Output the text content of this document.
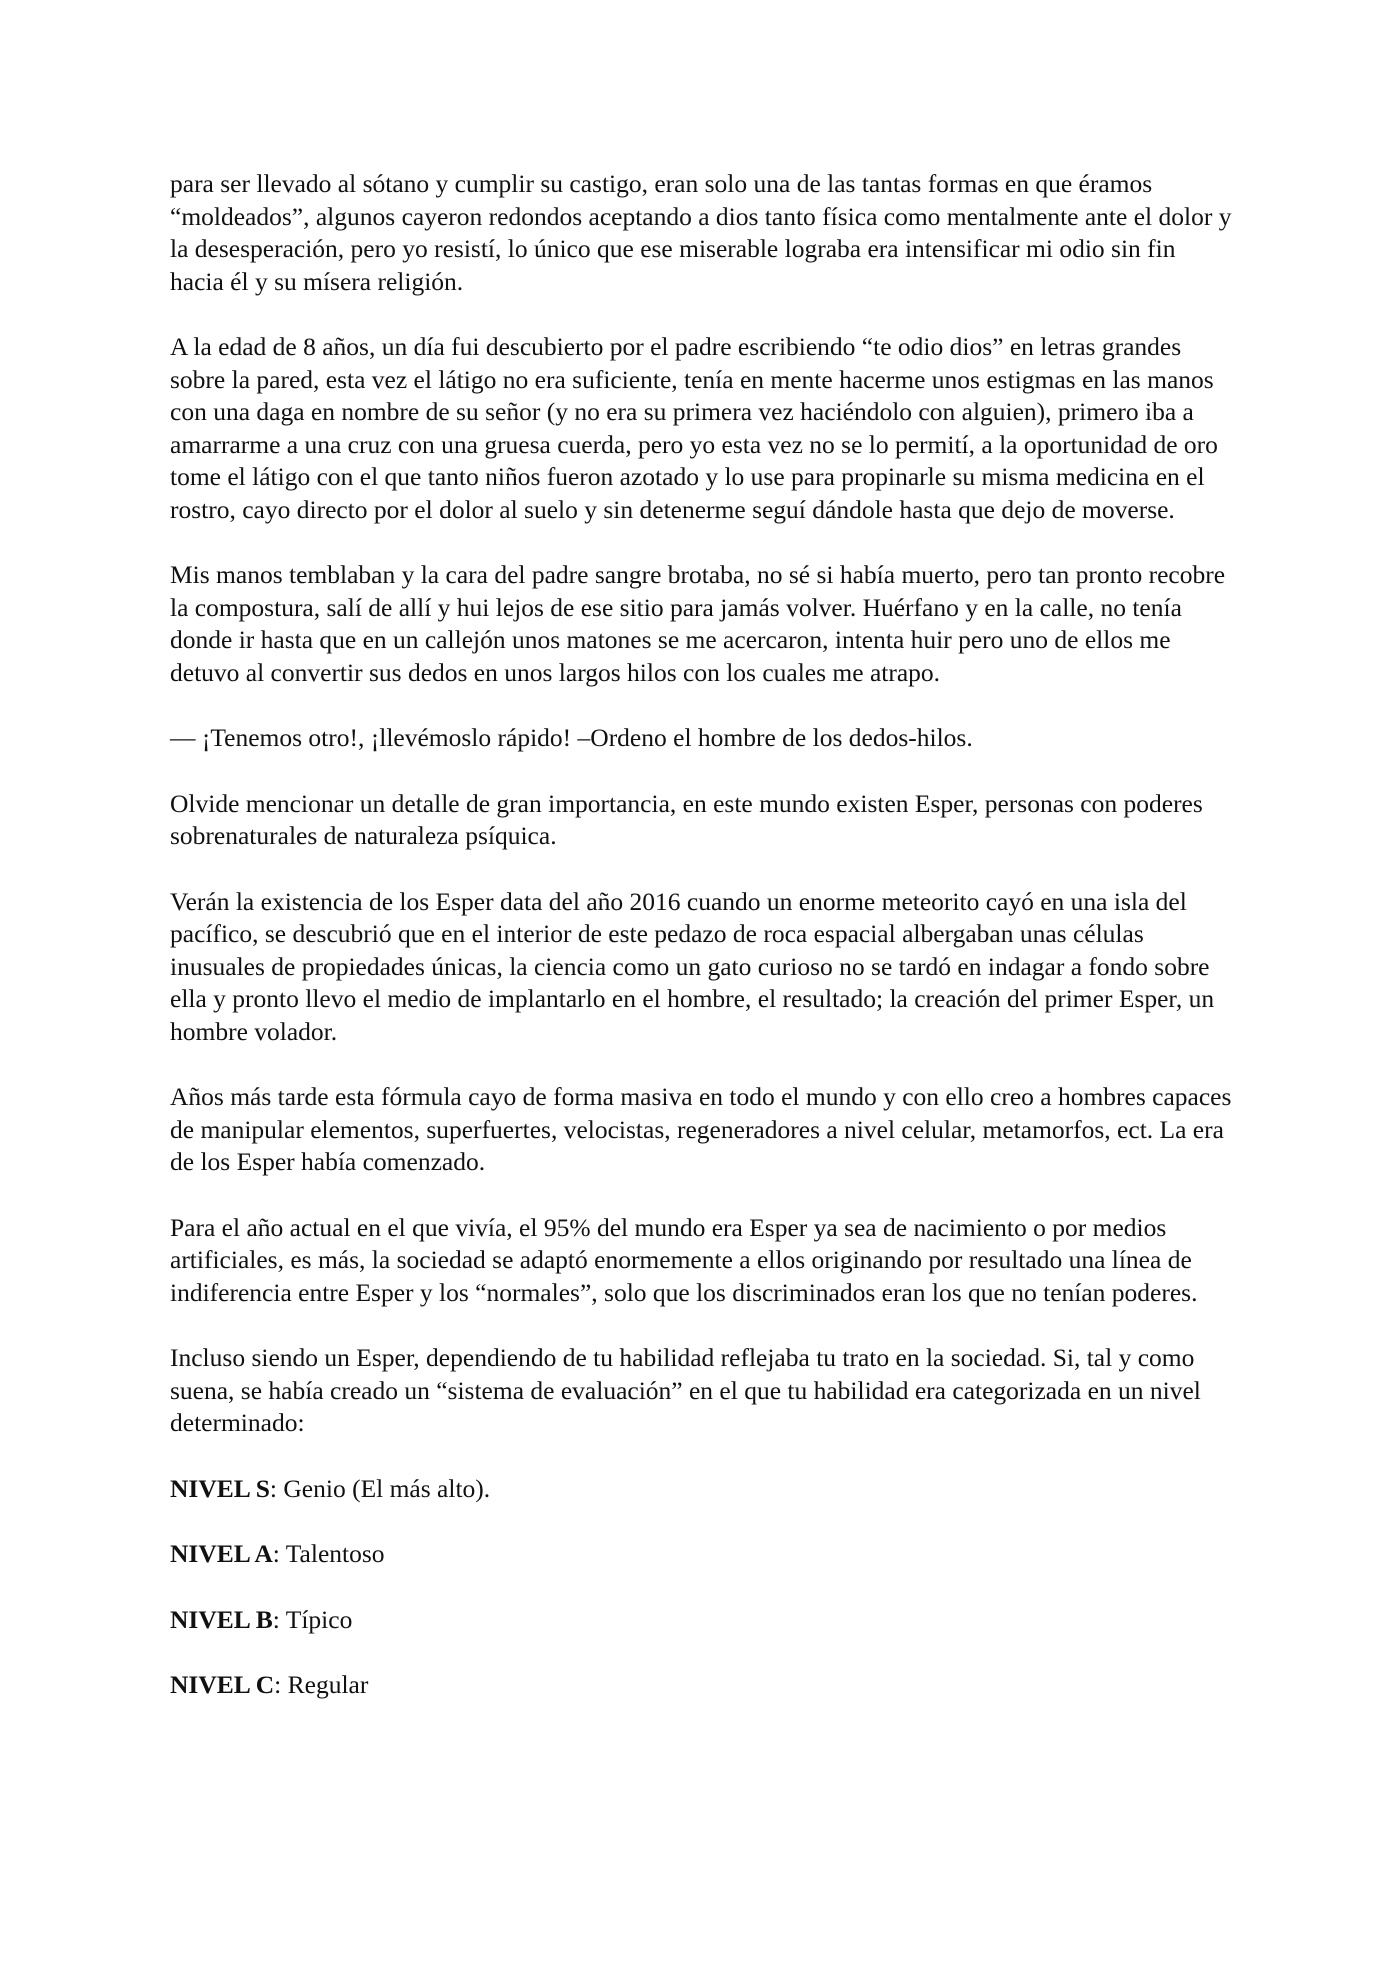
para ser llevado al sótano y cumplir su castigo, eran solo una de las tantas formas en que éramos “moldeados”, algunos cayeron redondos aceptando a dios tanto física como mentalmente ante el dolor y la desesperación, pero yo resistí, lo único que ese miserable lograba era intensificar mi odio sin fin hacia él y su mísera religión.

A la edad de 8 años, un día fui descubierto por el padre escribiendo “te odio dios” en letras grandes sobre la pared, esta vez el látigo no era suficiente, tenía en mente hacerme unos estigmas en las manos con una daga en nombre de su señor (y no era su primera vez haciéndolo con alguien), primero iba a amarrarme a una cruz con una gruesa cuerda, pero yo esta vez no se lo permití, a la oportunidad de oro tome el látigo con el que tanto niños fueron azotado y lo use para propinarle su misma medicina en el rostro, cayo directo por el dolor al suelo y sin detenerme seguí dándole hasta que dejo de moverse.

Mis manos temblaban y la cara del padre sangre brotaba, no sé si había muerto, pero tan pronto recobre la compostura, salí de allí y hui lejos de ese sitio para jamás volver. Huérfano y en la calle, no tenía donde ir hasta que en un callejón unos matones se me acercaron, intenta huir pero uno de ellos me detuvo al convertir sus dedos en unos largos hilos con los cuales me atrapo.

— ¡Tenemos otro!, ¡llevémoslo rápido! –Ordeno el hombre de los dedos-hilos.

Olvide mencionar un detalle de gran importancia, en este mundo existen Esper, personas con poderes sobrenaturales de naturaleza psíquica.

Verán la existencia de los Esper data del año 2016 cuando un enorme meteorito cayó en una isla del pacífico, se descubrió que en el interior de este pedazo de roca espacial albergaban unas células inusuales de propiedades únicas, la ciencia como un gato curioso no se tardó en indagar a fondo sobre ella y pronto llevo el medio de implantarlo en el hombre, el resultado; la creación del primer Esper, un hombre volador.

Años más tarde esta fórmula cayo de forma masiva en todo el mundo y con ello creo a hombres capaces de manipular elementos, superfuertes, velocistas, regeneradores a nivel celular, metamorfos, ect. La era de los Esper había comenzado.

Para el año actual en el que vivía, el 95% del mundo era Esper ya sea de nacimiento o por medios artificiales, es más, la sociedad se adaptó enormemente a ellos originando por resultado una línea de indiferencia entre Esper y los “normales”, solo que los discriminados eran los que no tenían poderes.

Incluso siendo un Esper, dependiendo de tu habilidad reflejaba tu trato en la sociedad. Si, tal y como suena, se había creado un “sistema de evaluación” en el que tu habilidad era categorizada en un nivel determinado:

NIVEL S: Genio (El más alto).

NIVEL A: Talentoso

NIVEL B: Típico

NIVEL C: Regular
